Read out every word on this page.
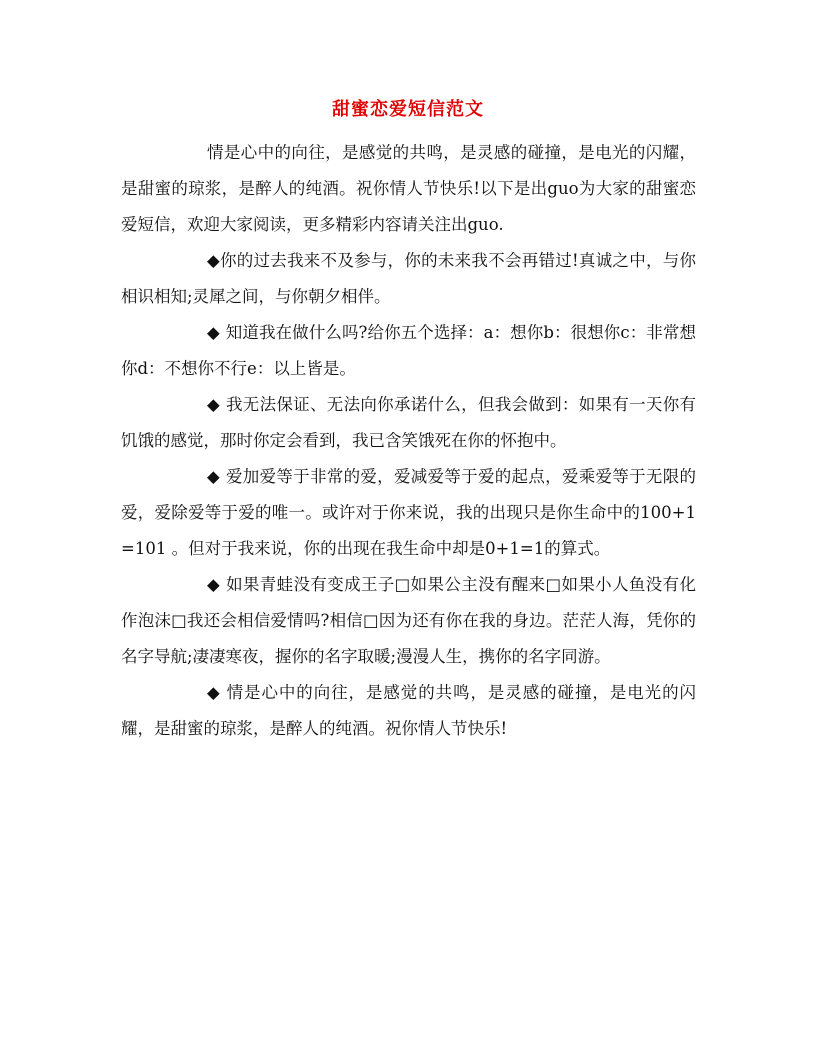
甜蜜恋爱短信范文

情是心中的向往，是感觉的共鸣，是灵感的碰撞，是电光的闪耀，是甜蜜的琼浆，是醉人的纯酒。祝你情人节快乐!以下是出guo为大家的甜蜜恋爱短信，欢迎大家阅读，更多精彩内容请关注出guo.

◆你的过去我来不及参与，你的未来我不会再错过!真诚之中，与你相识相知;灵犀之间，与你朝夕相伴。

◆ 知道我在做什么吗?给你五个选择：a：想你b：很想你c：非常想你d：不想你不行e：以上皆是。

◆ 我无法保证、无法向你承诺什么，但我会做到：如果有一天你有饥饿的感觉，那时你定会看到，我已含笑饿死在你的怀抱中。

◆ 爱加爱等于非常的爱，爱减爱等于爱的起点，爱乘爱等于无限的爱，爱除爱等于爱的唯一。或许对于你来说，我的出现只是你生命中的100+1=101 。但对于我来说，你的出现在我生命中却是0+1=1的算式。

◆ 如果青蛙没有变成王子□如果公主没有醒来□如果小人鱼没有化作泡沫□我还会相信爱情吗?相信□因为还有你在我的身边。茫茫人海，凭你的名字导航;凄凄寒夜，握你的名字取暖;漫漫人生，携你的名字同游。

◆ 情是心中的向往，是感觉的共鸣，是灵感的碰撞，是电光的闪耀，是甜蜜的琼浆，是醉人的纯酒。祝你情人节快乐!
